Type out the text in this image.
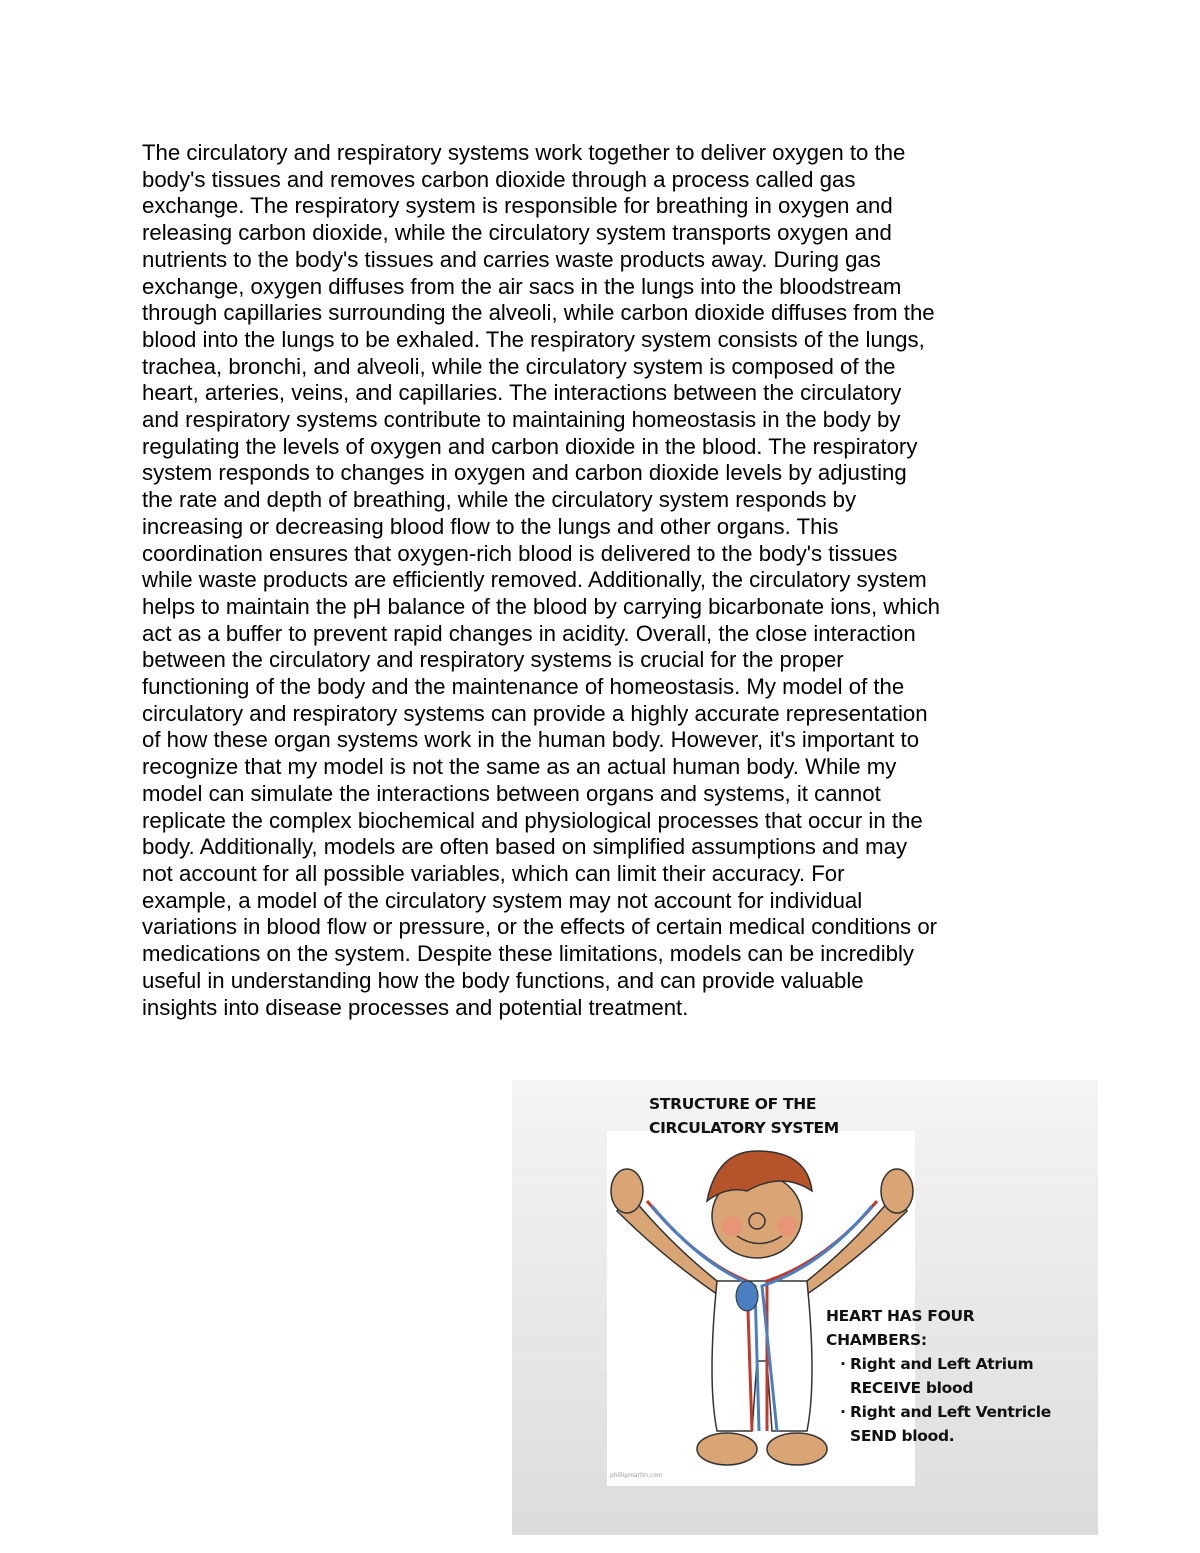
The circulatory and respiratory systems work together to deliver oxygen to the
body's tissues and removes carbon dioxide through a process called gas
exchange. The respiratory system is responsible for breathing in oxygen and
releasing carbon dioxide, while the circulatory system transports oxygen and
nutrients to the body's tissues and carries waste products away. During gas
exchange, oxygen diffuses from the air sacs in the lungs into the bloodstream
through capillaries surrounding the alveoli, while carbon dioxide diffuses from the
blood into the lungs to be exhaled. The respiratory system consists of the lungs,
trachea, bronchi, and alveoli, while the circulatory system is composed of the
heart, arteries, veins, and capillaries. The interactions between the circulatory
and respiratory systems contribute to maintaining homeostasis in the body by
regulating the levels of oxygen and carbon dioxide in the blood. The respiratory
system responds to changes in oxygen and carbon dioxide levels by adjusting
the rate and depth of breathing, while the circulatory system responds by
increasing or decreasing blood flow to the lungs and other organs. This
coordination ensures that oxygen-rich blood is delivered to the body's tissues
while waste products are efficiently removed. Additionally, the circulatory system
helps to maintain the pH balance of the blood by carrying bicarbonate ions, which
act as a buffer to prevent rapid changes in acidity. Overall, the close interaction
between the circulatory and respiratory systems is crucial for the proper
functioning of the body and the maintenance of homeostasis. My model of the
circulatory and respiratory systems can provide a highly accurate representation
of how these organ systems work in the human body. However, it's important to
recognize that my model is not the same as an actual human body. While my
model can simulate the interactions between organs and systems, it cannot
replicate the complex biochemical and physiological processes that occur in the
body. Additionally, models are often based on simplified assumptions and may
not account for all possible variables, which can limit their accuracy. For
example, a model of the circulatory system may not account for individual
variations in blood flow or pressure, or the effects of certain medical conditions or
medications on the system. Despite these limitations, models can be incredibly
useful in understanding how the body functions, and can provide valuable
insights into disease processes and potential treatment.
STRUCTURE OF THE
CIRCULATORY SYSTEM
HEART HAS FOUR
CHAMBERS:
· Right and Left Atrium
RECEIVE blood
· Right and Left Ventricle
SEND blood.
phillipmartin.com
